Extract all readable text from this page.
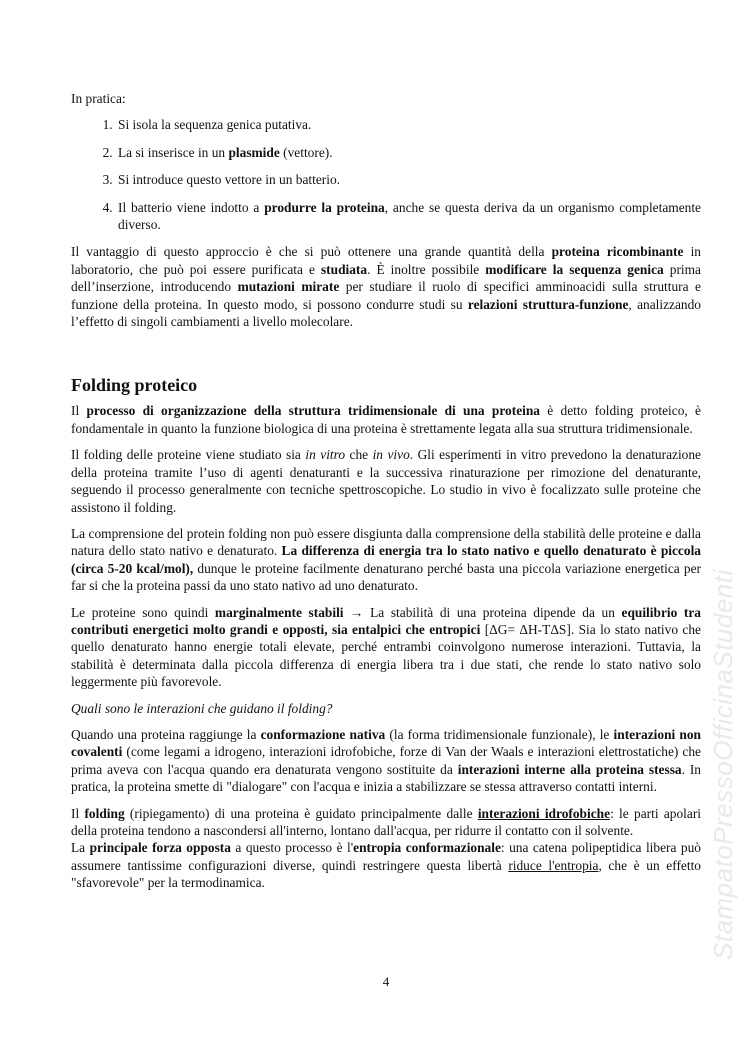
StampatoPressoOfficinaStudenti

In pratica:

1. Si isola la sequenza genica putativa.
2. La si inserisce in un plasmide (vettore).
3. Si introduce questo vettore in un batterio.
4. Il batterio viene indotto a produrre la proteina, anche se questa deriva da un organismo completamente diverso.

Il vantaggio di questo approccio è che si può ottenere una grande quantità della proteina ricombinante in laboratorio, che può poi essere purificata e studiata. È inoltre possibile modificare la sequenza genica prima dell’inserzione, introducendo mutazioni mirate per studiare il ruolo di specifici amminoacidi sulla struttura e funzione della proteina. In questo modo, si possono condurre studi su relazioni struttura-funzione, analizzando l’effetto di singoli cambiamenti a livello molecolare.

Folding proteico

Il processo di organizzazione della struttura tridimensionale di una proteina è detto folding proteico, è fondamentale in quanto la funzione biologica di una proteina è strettamente legata alla sua struttura tridimensionale.

Il folding delle proteine viene studiato sia in vitro che in vivo. Gli esperimenti in vitro prevedono la denaturazione della proteina tramite l’uso di agenti denaturanti e la successiva rinaturazione per rimozione del denaturante, seguendo il processo generalmente con tecniche spettroscopiche. Lo studio in vivo è focalizzato sulle proteine che assistono il folding.

La comprensione del protein folding non può essere disgiunta dalla comprensione della stabilità delle proteine e dalla natura dello stato nativo e denaturato. La differenza di energia tra lo stato nativo e quello denaturato è piccola (circa 5-20 kcal/mol), dunque le proteine facilmente denaturano perché basta una piccola variazione energetica per far si che la proteina passi da uno stato nativo ad uno denaturato.

Le proteine sono quindi marginalmente stabili → La stabilità di una proteina dipende da un equilibrio tra contributi energetici molto grandi e opposti, sia entalpici che entropici [ΔG= ΔH-TΔS]. Sia lo stato nativo che quello denaturato hanno energie totali elevate, perché entrambi coinvolgono numerose interazioni. Tuttavia, la stabilità è determinata dalla piccola differenza di energia libera tra i due stati, che rende lo stato nativo solo leggermente più favorevole.

Quali sono le interazioni che guidano il folding?

Quando una proteina raggiunge la conformazione nativa (la forma tridimensionale funzionale), le interazioni non covalenti (come legami a idrogeno, interazioni idrofobiche, forze di Van der Waals e interazioni elettrostatiche) che prima aveva con l'acqua quando era denaturata vengono sostituite da interazioni interne alla proteina stessa. In pratica, la proteina smette di "dialogare" con l'acqua e inizia a stabilizzare se stessa attraverso contatti interni.

Il folding (ripiegamento) di una proteina è guidato principalmente dalle interazioni idrofobiche: le parti apolari della proteina tendono a nascondersi all'interno, lontano dall'acqua, per ridurre il contatto con il solvente.
La principale forza opposta a questo processo è l'entropia conformazionale: una catena polipeptidica libera può assumere tantissime configurazioni diverse, quindi restringere questa libertà riduce l'entropia, che è un effetto "sfavorevole" per la termodinamica.

4
